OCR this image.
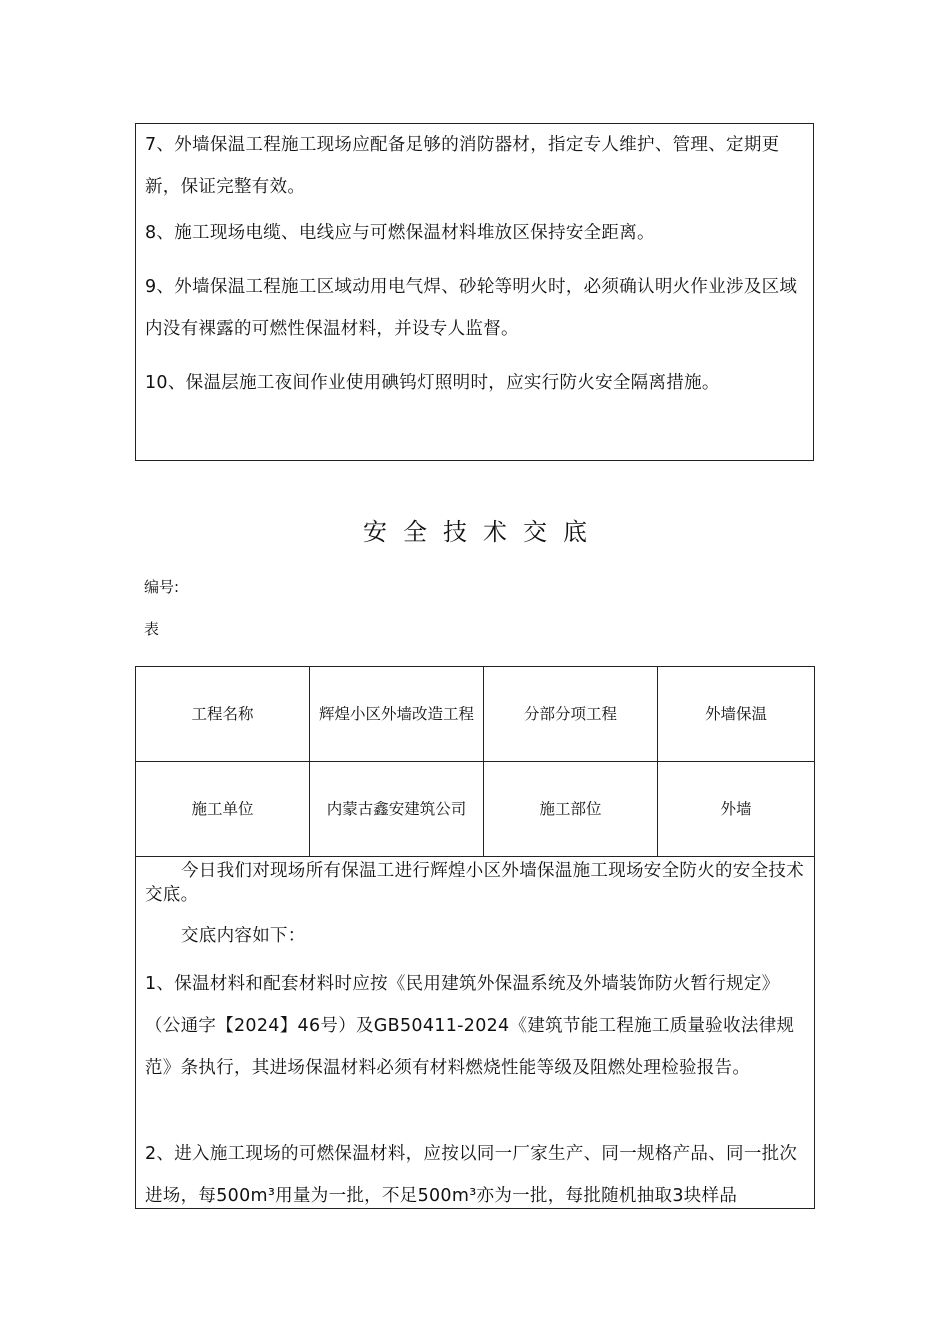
7、外墙保温工程施工现场应配备足够的消防器材，指定专人维护、管理、定期更新，保证完整有效。

8、施工现场电缆、电线应与可燃保温材料堆放区保持安全距离。

9、外墙保温工程施工区域动用电气焊、砂轮等明火时，必须确认明火作业涉及区域内没有裸露的可燃性保温材料，并设专人监督。

10、保温层施工夜间作业使用碘钨灯照明时，应实行防火安全隔离措施。

安全技术交底
编号:
表
工程名称	辉煌小区外墙改造工程	分部分项工程	外墙保温
施工单位	内蒙古鑫安建筑公司	施工部位	外墙

今日我们对现场所有保温工进行辉煌小区外墙保温施工现场安全防火的安全技术交底。

交底内容如下：

1、保温材料和配套材料时应按《民用建筑外保温系统及外墙装饰防火暂行规定》（公通字【2024】46号）及GB50411-2024《建筑节能工程施工质量验收法律规范》条执行，其进场保温材料必须有材料燃烧性能等级及阻燃处理检验报告。

2、进入施工现场的可燃保温材料，应按以同一厂家生产、同一规格产品、同一批次进场，每500m³用量为一批，不足500m³亦为一批，每批随机抽取3块样品
